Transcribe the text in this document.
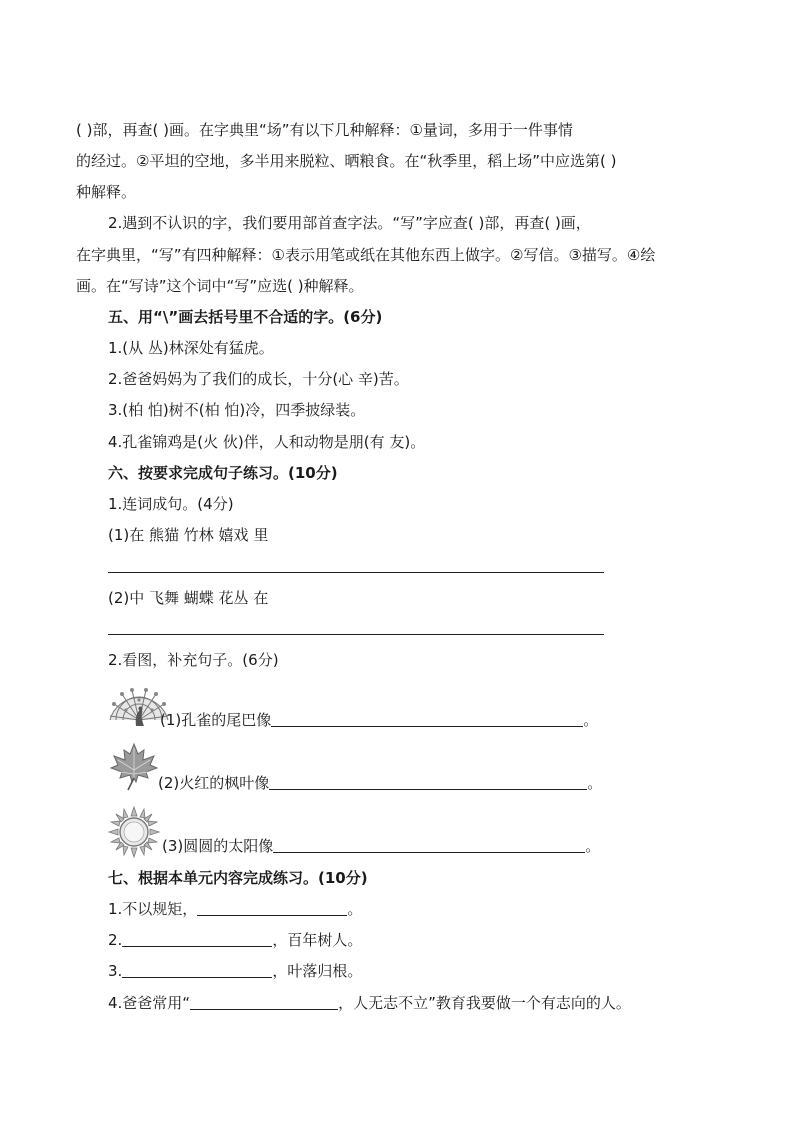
( )部，再查( )画。在字典里“场”有以下几种解释：①量词，多用于一件事情
的经过。②平坦的空地，多半用来脱粒、晒粮食。在“秋季里，稻上场”中应选第( )
种解释。
2.遇到不认识的字，我们要用部首查字法。“写”字应查( )部，再查( )画，
在字典里，“写”有四种解释：①表示用笔或纸在其他东西上做字。②写信。③描写。④绘
画。在“写诗”这个词中“写”应选( )种解释。
五、用“\”画去括号里不合适的字。(6分)
1.(从 丛)林深处有猛虎。
2.爸爸妈妈为了我们的成长，十分(心 辛)苦。
3.(柏 怕)树不(柏 怕)冷，四季披绿装。
4.孔雀锦鸡是(火 伙)伴，人和动物是朋(有 友)。
六、按要求完成句子练习。(10分)
1.连词成句。(4分)
(1)在 熊猫 竹林 嬉戏 里
(2)中 飞舞 蝴蝶 花丛 在
2.看图，补充句子。(6分)
(1)孔雀的尾巴像	。
(2)火红的枫叶像	。
(3)圆圆的太阳像	。
七、根据本单元内容完成练习。(10分)
1.不以规矩，	。
2.	，百年树人。
3.	，叶落归根。
4.爸爸常用“	，人无志不立”教育我要做一个有志向的人。
